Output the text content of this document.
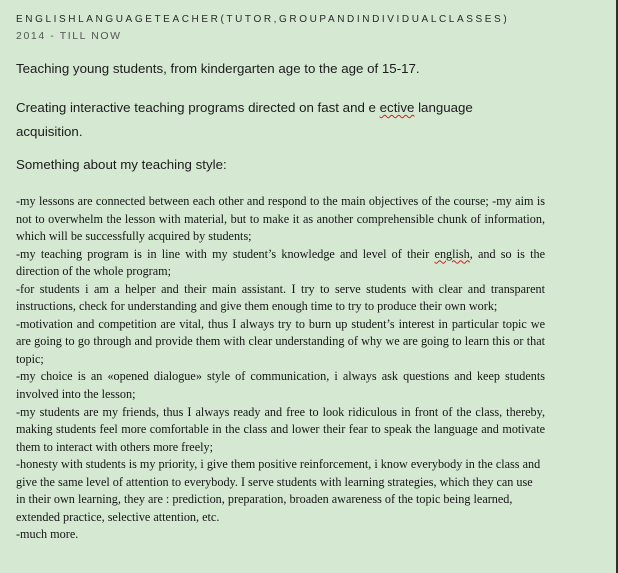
ENGLISHLANGUAGETEACHER(TUTOR,GROUPANDINDIVIDUALCLASSES)
2014 - TILL NOW
Teaching young students, from kindergarten age to the age of 15-17.
Creating interactive teaching programs directed on fast and e ective language
acquisition.
Something about my teaching style:
-my lessons are connected between each other and respond to the main objectives of the course; -my aim is not to overwhelm the lesson with material, but to make it as another comprehensible chunk of information, which will be successfully acquired by students;
-my teaching program is in line with my student’s knowledge and level of their english, and so is the direction of the whole program;
-for students i am a helper and their main assistant. I try to serve students with clear and transparent instructions, check for understanding and give them enough time to try to produce their own work;
-motivation and competition are vital, thus I always try to burn up student’s interest in particular topic we are going to go through and provide them with clear understanding of why we are going to learn this or that topic;
-my choice is an «opened dialogue» style of communication, i always ask questions and keep students involved into the lesson;
-my students are my friends, thus I always ready and free to look ridiculous in front of the class, thereby, making students feel more comfortable in the class and lower their fear to speak the language and motivate them to interact with others more freely;
-honesty with students is my priority, i give them positive reinforcement, i know everybody in the class and give the same level of attention to everybody. I serve students with learning strategies, which they can use in their own learning, they are : prediction, preparation, broaden awareness of the topic being learned, extended practice, selective attention, etc.
-much more.
